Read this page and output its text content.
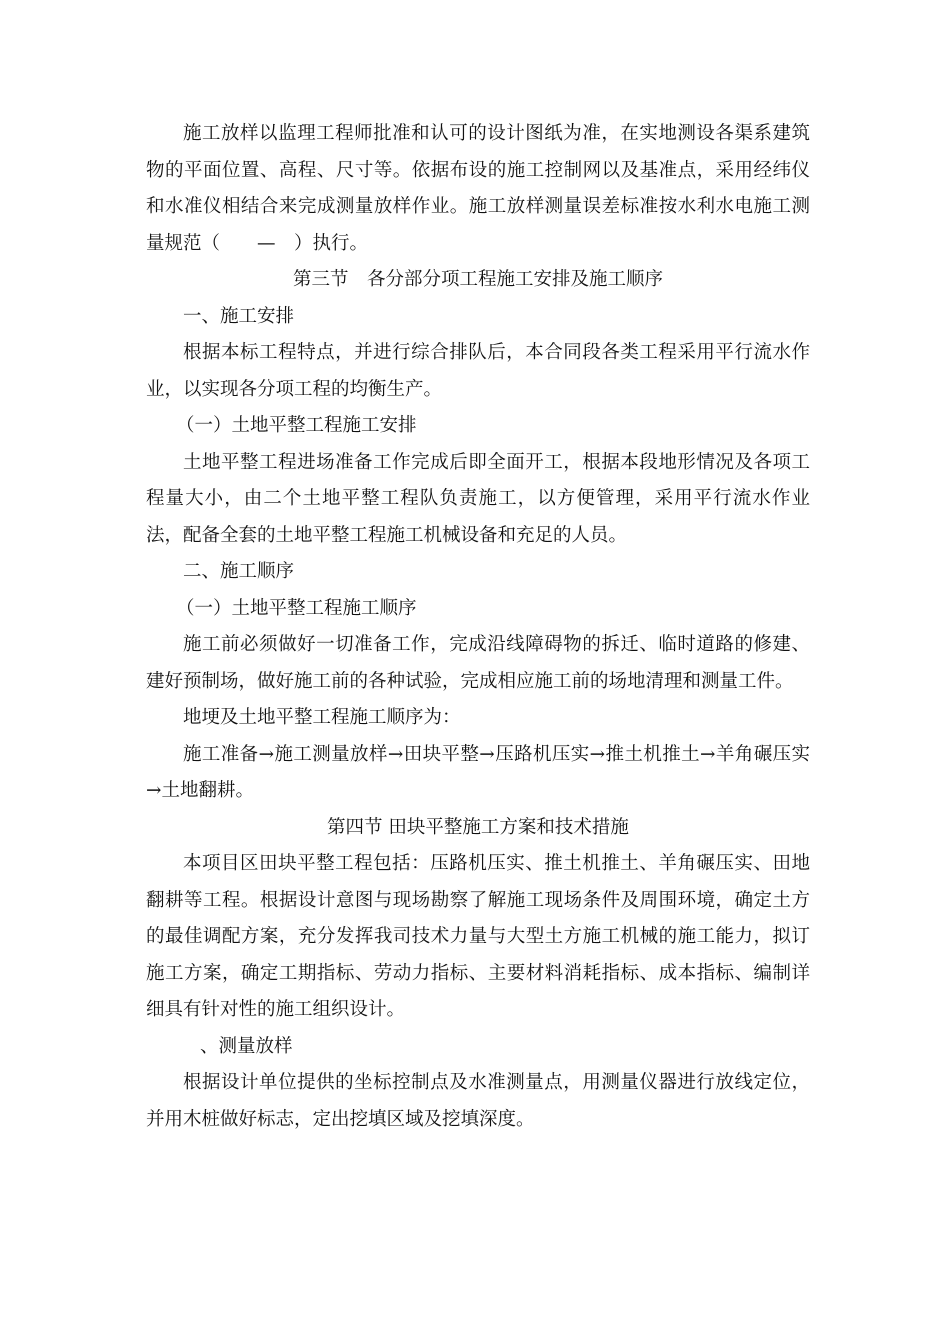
施工放样以监理工程师批准和认可的设计图纸为准，在实地测设各渠系建筑物的平面位置、高程、尺寸等。依据布设的施工控制网以及基准点，采用经纬仪和水准仪相结合来完成测量放样作业。施工放样测量误差标准按水利水电施工测量规范（　　—　）执行。

第三节　各分部分项工程施工安排及施工顺序

一、施工安排

根据本标工程特点，并进行综合排队后，本合同段各类工程采用平行流水作业，以实现各分项工程的均衡生产。

（一）土地平整工程施工安排

土地平整工程进场准备工作完成后即全面开工，根据本段地形情况及各项工程量大小，由二个土地平整工程队负责施工，以方便管理，采用平行流水作业法，配备全套的土地平整工程施工机械设备和充足的人员。

二、施工顺序

（一）土地平整工程施工顺序

施工前必须做好一切准备工作，完成沿线障碍物的拆迁、临时道路的修建、建好预制场，做好施工前的各种试验，完成相应施工前的场地清理和测量工件。

地埂及土地平整工程施工顺序为：

施工准备→施工测量放样→田块平整→压路机压实→推土机推土→羊角碾压实→土地翻耕。

第四节 田块平整施工方案和技术措施

本项目区田块平整工程包括：压路机压实、推土机推土、羊角碾压实、田地翻耕等工程。根据设计意图与现场勘察了解施工现场条件及周围环境，确定土方的最佳调配方案，充分发挥我司技术力量与大型土方施工机械的施工能力，拟订施工方案，确定工期指标、劳动力指标、主要材料消耗指标、成本指标、编制详细具有针对性的施工组织设计。

、测量放样

根据设计单位提供的坐标控制点及水准测量点，用测量仪器进行放线定位，并用木桩做好标志，定出挖填区域及挖填深度。
